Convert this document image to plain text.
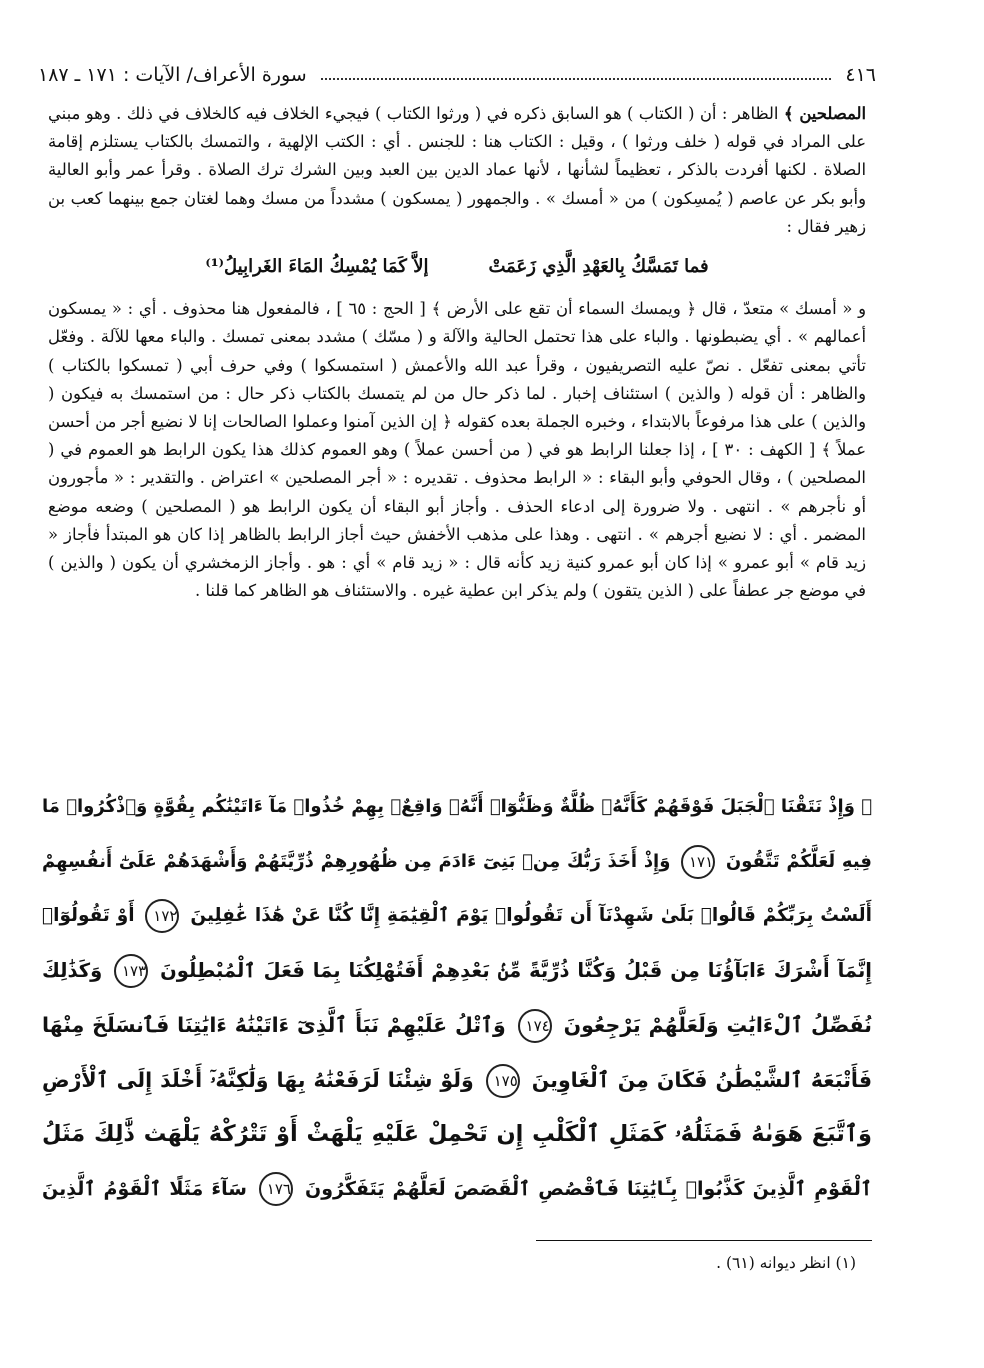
٤١٦
سورة الأعراف/ الآيات : ١٧١ ـ ١٨٧

المصلحين ﴾ الظاهر : أن ( الكتاب ) هو السابق ذكره في ( ورثوا الكتاب ) فيجيء الخلاف فيه كالخلاف في ذلك . وهو مبني على المراد في قوله ( خلف ورثوا ) ، وقيل : الكتاب هنا : للجنس . أي : الكتب الإلهية ، والتمسك بالكتاب يستلزم إقامة الصلاة . لكنها أفردت بالذكر ، تعظيماً لشأنها ، لأنها عماد الدين بين العبد وبين الشرك ترك الصلاة . وقرأ عمر وأبو العالية وأبو بكر عن عاصم ( يُمسِكون ) من « أمسك » . والجمهور ( يمسكون ) مشدداً من مسك وهما لغتان جمع بينهما كعب بن زهير فقال :

فما تَمَسَّكُ بِالعَهْدِ الَّذِي زَعَمَتْ
إلاَّ كَمَا يُمْسِكُ المَاءَ الغَرابِيلُ⁽¹⁾

و « أمسك » متعدّ ، قال ﴿ ويمسك السماء أن تقع على الأرض ﴾ [ الحج : ٦٥ ] ، فالمفعول هنا محذوف . أي : « يمسكون أعمالهم » . أي يضبطونها . والباء على هذا تحتمل الحالية والآلة و ( مسّك ) مشدد بمعنى تمسك . والباء معها للآلة . وفعّل تأتي بمعنى تفعّل . نصّ عليه التصريفيون ، وقرأ عبد الله والأعمش ( استمسكوا ) وفي حرف أبي ( تمسكوا بالكتاب ) والظاهر : أن قوله ( والذين ) استئناف إخبار . لما ذكر حال من لم يتمسك بالكتاب ذكر حال : من استمسك به فيكون ( والذين ) على هذا مرفوعاً بالابتداء ، وخبره الجملة بعده كقوله ﴿ إن الذين آمنوا وعملوا الصالحات إنا لا نضيع أجر من أحسن عملاً ﴾ [ الكهف : ٣٠ ] ، إذا جعلنا الرابط هو في ( من أحسن عملاً ) وهو العموم كذلك هذا يكون الرابط هو العموم في ( المصلحين ) ، وقال الحوفي وأبو البقاء : « الرابط محذوف . تقديره : « أجر المصلحين » اعتراض . والتقدير : « مأجورون أو نأجرهم » . انتهى . ولا ضرورة إلى ادعاء الحذف . وأجاز أبو البقاء أن يكون الرابط هو ( المصلحين ) وضعه موضع المضمر . أي : لا نضيع أجرهم » . انتهى . وهذا على مذهب الأخفش حيث أجاز الرابط بالظاهر إذا كان هو المبتدأ فأجاز « زيد قام » أبو عمرو » إذا كان أبو عمرو كنية زيد كأنه قال : « زيد قام » أي : هو . وأجاز الزمخشري أن يكون ( والذين ) في موضع جر عطفاً على ( الذين يتقون ) ولم يذكر ابن عطية غيره . والاستئناف هو الظاهر كما قلنا .

۞ وَإِذْ نَتَقْنَا ٱلْجَبَلَ فَوْقَهُمْ كَأَنَّهُۥ ظُلَّةٌ وَظَنُّوٓا۟ أَنَّهُۥ وَاقِعٌۢ بِهِمْ خُذُوا۟ مَآ ءَاتَيْنَٰكُم بِقُوَّةٍ وَٱذْكُرُوا۟ مَا
فِيهِ لَعَلَّكُمْ تَتَّقُونَ ١٧١ وَإِذْ أَخَذَ رَبُّكَ مِنۢ بَنِىٓ ءَادَمَ مِن ظُهُورِهِمْ ذُرِّيَّتَهُمْ وَأَشْهَدَهُمْ عَلَىٰٓ أَنفُسِهِمْ
أَلَسْتُ بِرَبِّكُمْ قَالُوا۟ بَلَىٰ شَهِدْنَآ أَن تَقُولُوا۟ يَوْمَ ٱلْقِيَٰمَةِ إِنَّا كُنَّا عَنْ هَٰذَا غَٰفِلِينَ ١٧٢ أَوْ تَقُولُوٓا۟
إِنَّمَآ أَشْرَكَ ءَابَآؤُنَا مِن قَبْلُ وَكُنَّا ذُرِّيَّةً مِّنۢ بَعْدِهِمْ أَفَتُهْلِكُنَا بِمَا فَعَلَ ٱلْمُبْطِلُونَ ١٧٣ وَكَذَٰلِكَ
نُفَصِّلُ ٱلْءَايَٰتِ وَلَعَلَّهُمْ يَرْجِعُونَ ١٧٤ وَٱتْلُ عَلَيْهِمْ نَبَأَ ٱلَّذِىٓ ءَاتَيْنَٰهُ ءَايَٰتِنَا فَٱنسَلَخَ مِنْهَا
فَأَتْبَعَهُ ٱلشَّيْطَٰنُ فَكَانَ مِنَ ٱلْغَاوِينَ ١٧٥ وَلَوْ شِئْنَا لَرَفَعْنَٰهُ بِهَا وَلَٰكِنَّهُۥٓ أَخْلَدَ إِلَى ٱلْأَرْضِ
وَٱتَّبَعَ هَوَىٰهُ فَمَثَلُهُۥ كَمَثَلِ ٱلْكَلْبِ إِن تَحْمِلْ عَلَيْهِ يَلْهَثْ أَوْ تَتْرُكْهُ يَلْهَث ذَّٰلِكَ مَثَلُ
ٱلْقَوْمِ ٱلَّذِينَ كَذَّبُوا۟ بِـَٔايَٰتِنَا فَٱقْصُصِ ٱلْقَصَصَ لَعَلَّهُمْ يَتَفَكَّرُونَ ١٧٦ سَآءَ مَثَلًا ٱلْقَوْمُ ٱلَّذِينَ
(١) انظر ديوانه (٦١) .
